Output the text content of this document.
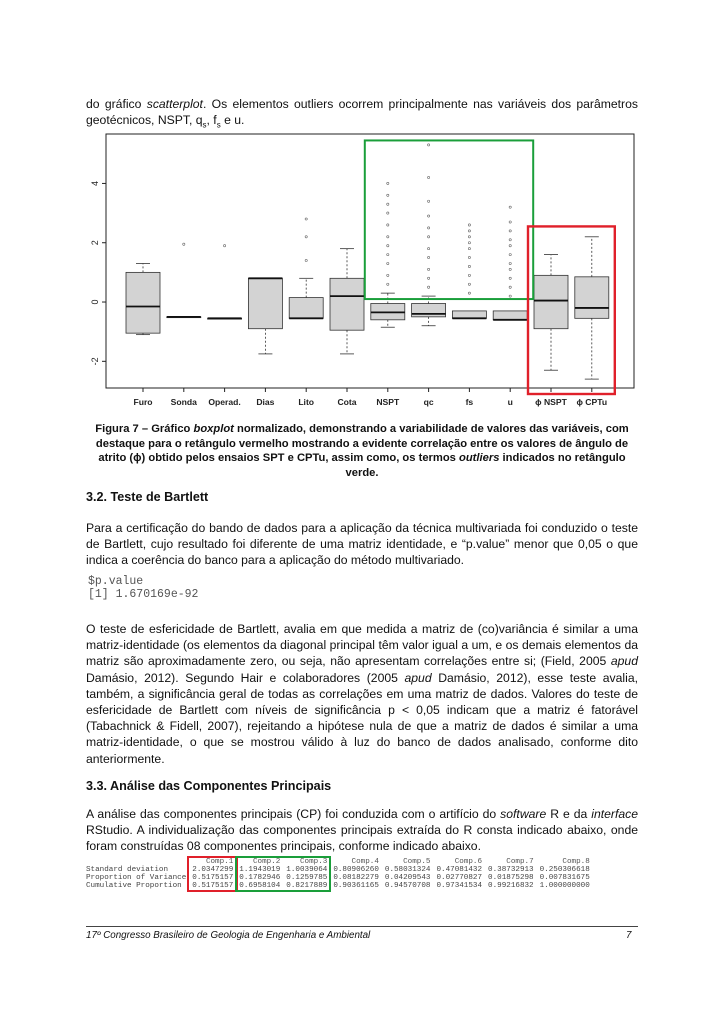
do gráfico scatterplot. Os elementos outliers ocorrem principalmente nas variáveis dos parâmetros geotécnicos, NSPT, $q_s$, $f_s$ e u.
-2
0
2
4
Furo Sonda Operad. Dias	Lito	Cota NSPT	qc	fs	u	ϕ NSPT ϕ CPTu
Figura 7 – Gráfico boxplot normalizado, demonstrando a variabilidade de valores das variáveis, com destaque para o retângulo vermelho mostrando a evidente correlação entre os valores de ângulo de atrito (ϕ) obtido pelos ensaios SPT e CPTu, assim como, os termos outliers indicados no retângulo verde.
3.2. Teste de Bartlett
Para a certificação do bando de dados para a aplicação da técnica multivariada foi conduzido o teste de Bartlett, cujo resultado foi diferente de uma matriz identidade, e “p.value” menor que 0,05 o que indica a coerência do banco para a aplicação do método multivariado.
$p.value
[1] 1.670169e-92
O teste de esfericidade de Bartlett, avalia em que medida a matriz de (co)variância é similar a uma matriz-identidade (os elementos da diagonal principal têm valor igual a um, e os demais elementos da matriz são aproximadamente zero, ou seja, não apresentam correlações entre si; (Field, 2005 apud Damásio, 2012). Segundo Hair e colaboradores (2005 apud Damásio, 2012), esse teste avalia, também, a significância geral de todas as correlações em uma matriz de dados. Valores do teste de esfericidade de Bartlett com níveis de significância p < 0,05 indicam que a matriz é fatorável (Tabachnick & Fidell, 2007), rejeitando a hipótese nula de que a matriz de dados é similar a uma matriz-identidade, o que se mostrou válido à luz do banco de dados analisado, conforme dito anteriormente.
3.3. Análise das Componentes Principais
A análise das componentes principais (CP) foi conduzida com o artifício do software R e da interface RStudio. A individualização das componentes principais extraída do R consta indicado abaixo, onde foram construídas 08 componentes principais, conforme indicado abaixo.
	Comp.1	Comp.2	Comp.3	Comp.4	Comp.5	Comp.6	Comp.7	Comp.8
Standard deviation	2.0347299	1.1943019	1.0039064	0.80906260	0.58031324	0.47081432	0.38732913	0.250306618
Proportion of Variance	0.5175157	0.1782946	0.1259785	0.08182279	0.04209543	0.02770827	0.01875298	0.007831675
Cumulative Proportion	0.5175157	0.6958104	0.8217889	0.90361165	0.94570708	0.97341534	0.99216832	1.000000000
17º Congresso Brasileiro de Geologia de Engenharia e Ambiental	7
